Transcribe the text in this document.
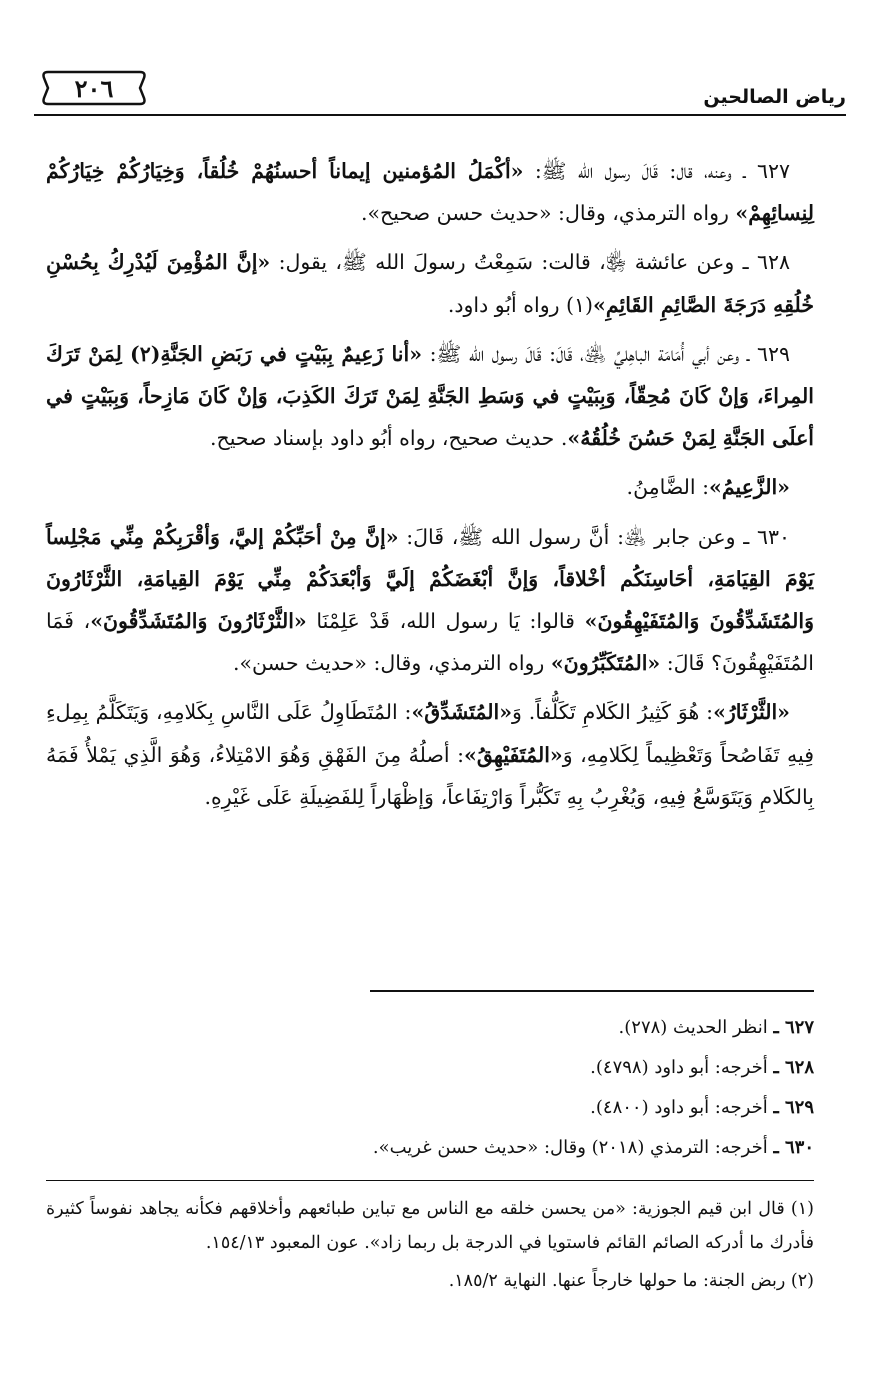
رياض الصالحين
٢٠٦

٦٢٧ ـ وعنه، قال: قَالَ رسول الله ﷺ: «أكْمَلُ المُؤمنين إيماناً أحسنُهُمْ خُلُقاً، وَخِيَارُكُمْ خِيَارُكُمْ لِنِسائِهِمْ» رواه الترمذي، وقال: «حديث حسن صحيح».

٦٢٨ ـ وعن عائشة ﵂، قالت: سَمِعْتُ رسولَ الله ﷺ، يقول: «إنَّ المُؤْمِنَ لَيُدْرِكُ بِحُسْنِ خُلُقِهِ دَرَجَةَ الصَّائِمِ القَائِمِ»(١) رواه أبُو داود.

٦٢٩ ـ وعن أبي أُمَامَة الباهِليِّ ﵁، قَالَ: قَالَ رسول الله ﷺ: «أنا زَعِيمٌ بِبَيْتٍ في رَبَضِ الجَنَّةِ(٢) لِمَنْ تَرَكَ المِراءَ، وَإنْ كَانَ مُحِقّاً، وَبِبَيْتٍ في وَسَطِ الجَنَّةِ لِمَنْ تَرَكَ الكَذِبَ، وَإنْ كَانَ مَازِحاً، وَبِبَيْتٍ في أعلَى الجَنَّةِ لِمَنْ حَسُنَ خُلُقُهُ». حديث صحيح، رواه أبُو داود بإسناد صحيح.

«الزَّعِيمُ»: الضَّامِنُ.

٦٣٠ ـ وعن جابر ﵁: أنَّ رسول الله ﷺ، قَالَ: «إنَّ مِنْ أحَبِّكُمْ إليَّ، وَأقْرَبِكُمْ مِنِّي مَجْلِساً يَوْمَ القِيَامَةِ، أحَاسِنَكُم أخْلاقاً، وَإنَّ أبْغَضَكُمْ إلَيَّ وَأبْعَدَكُمْ مِنِّي يَوْمَ القِيامَةِ، الثَّرْثَارُونَ وَالمُتَشَدِّقُونَ وَالمُتَفَيْهِقُونَ» قالوا: يَا رسول الله، قَدْ عَلِمْنَا «الثَّرْثَارُونَ وَالمُتَشَدِّقُونَ»، فَمَا المُتَفَيْهِقُونَ؟ قَالَ: «المُتَكَبِّرُونَ» رواه الترمذي، وقال: «حديث حسن».

«الثَّرْثَارُ»: هُوَ كَثِيرُ الكَلامِ تَكَلُّفاً. وَ«المُتَشَدِّقُ»: المُتَطَاوِلُ عَلَى النَّاسِ بِكَلامِهِ، وَيَتَكَلَّمُ بِمِلءِ فِيهِ تَفَاصُحاً وَتَعْظِيماً لِكَلامِهِ، وَ«المُتَفَيْهِقُ»: أصلُهُ مِنَ الفَهْقِ وَهُوَ الامْتِلاءُ، وَهُوَ الَّذِي يَمْلأُ فَمَهُ بِالكَلامِ وَيَتَوَسَّعُ فِيهِ، وَيُغْرِبُ بِهِ تَكَبُّراً وَارْتِفَاعاً، وَإظْهَاراً لِلفَضِيلَةِ عَلَى غَيْرِهِ.

٦٢٧ ـ انظر الحديث (٢٧٨).
٦٢٨ ـ أخرجه: أبو داود (٤٧٩٨).
٦٢٩ ـ أخرجه: أبو داود (٤٨٠٠).
٦٣٠ ـ أخرجه: الترمذي (٢٠١٨) وقال: «حديث حسن غريب».

(١) قال ابن قيم الجوزية: «من يحسن خلقه مع الناس مع تباين طبائعهم وأخلاقهم فكأنه يجاهد نفوساً كثيرة فأدرك ما أدركه الصائم القائم فاستويا في الدرجة بل ربما زاد». عون المعبود ١٥٤/١٣.

(٢) ربض الجنة: ما حولها خارجاً عنها. النهاية ١٨٥/٢.
